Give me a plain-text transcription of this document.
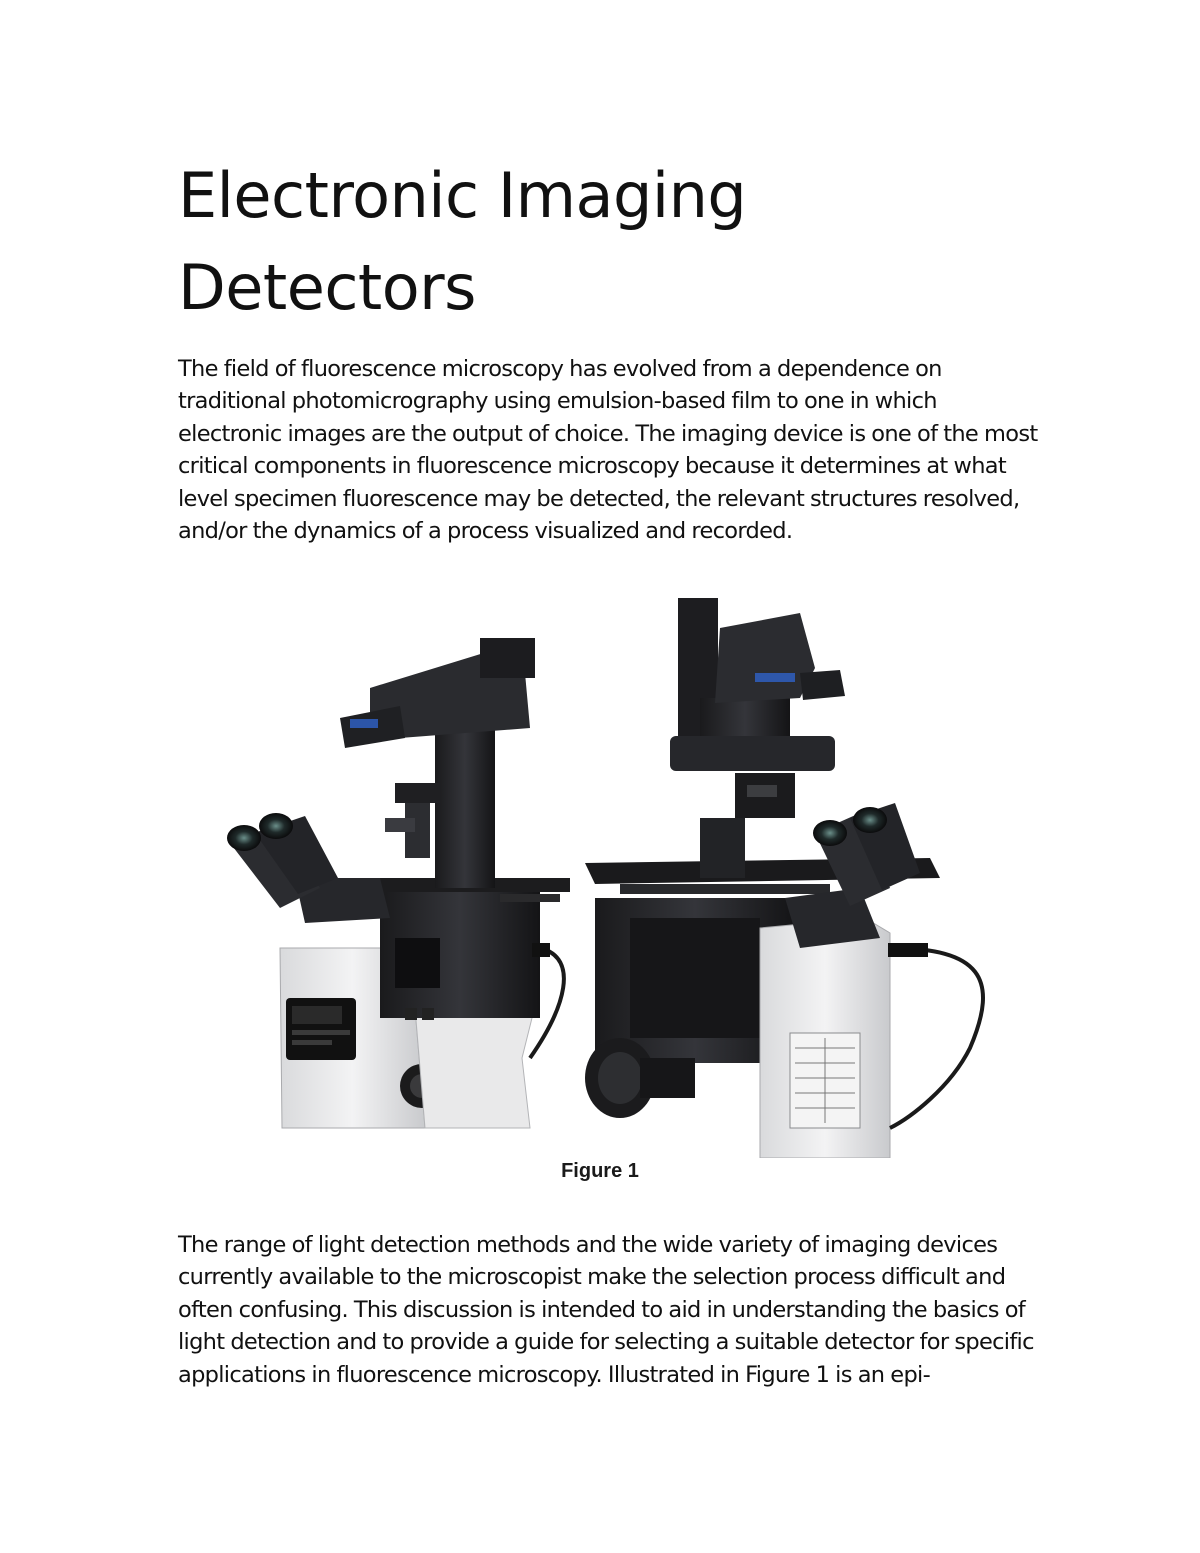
Electronic Imaging Detectors

The field of fluorescence microscopy has evolved from a dependence on traditional photomicrography using emulsion-based film to one in which electronic images are the output of choice. The imaging device is one of the most critical components in fluorescence microscopy because it determines at what level specimen fluorescence may be detected, the relevant structures resolved, and/or the dynamics of a process visualized and recorded.

Figure 1

The range of light detection methods and the wide variety of imaging devices currently available to the microscopist make the selection process difficult and often confusing. This discussion is intended to aid in understanding the basics of light detection and to provide a guide for selecting a suitable detector for specific applications in fluorescence microscopy. Illustrated in Figure 1 is an epi-
